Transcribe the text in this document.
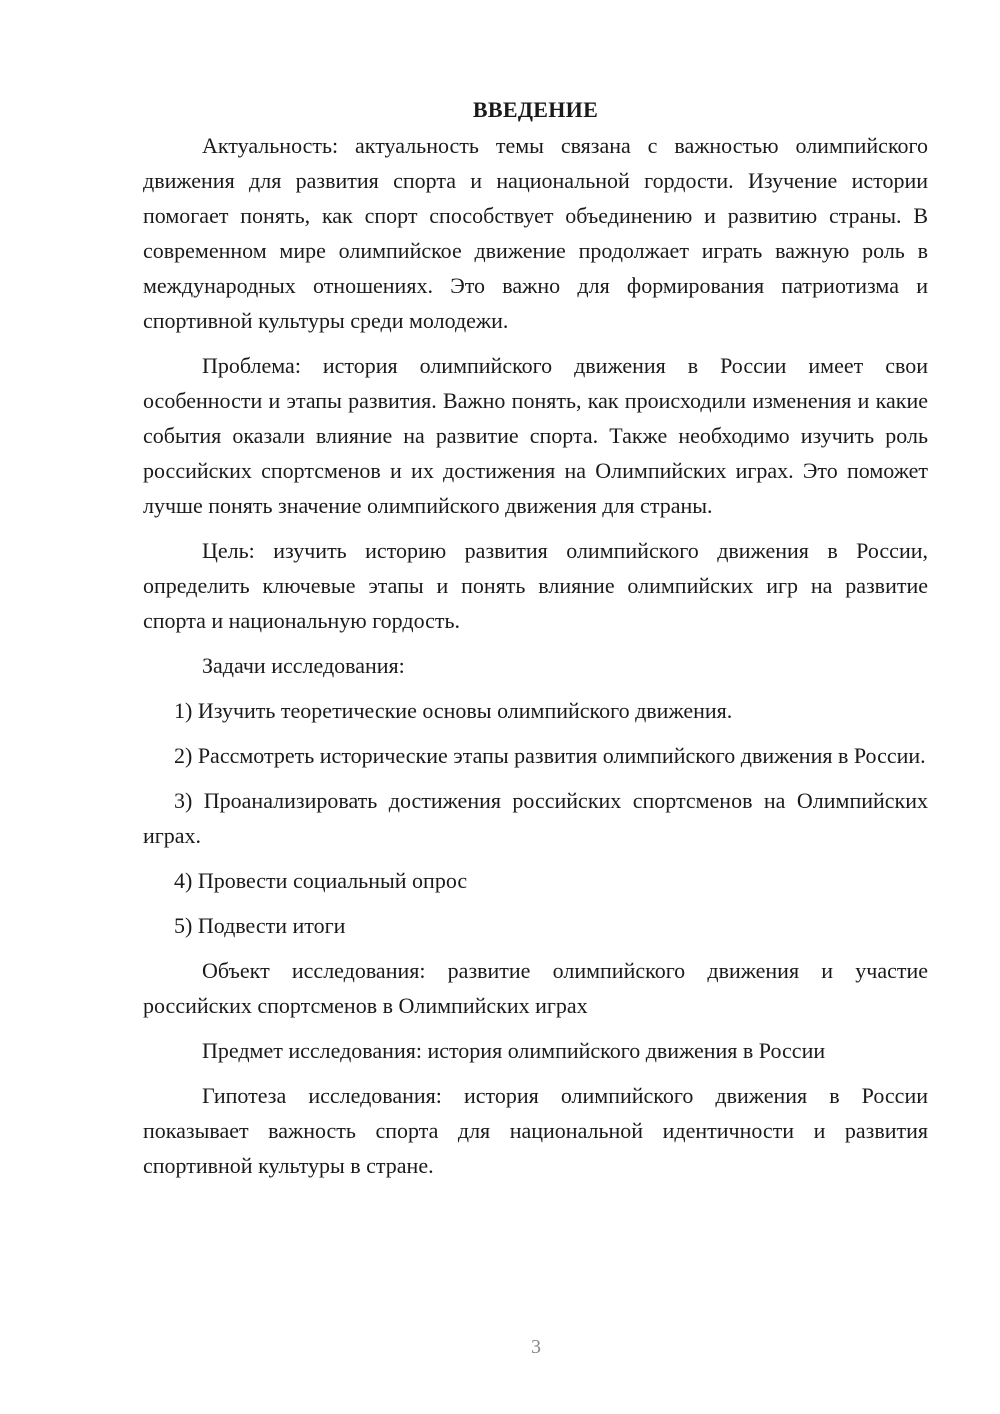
ВВЕДЕНИЕ

Актуальность: актуальность темы связана с важностью олимпийского движения для развития спорта и национальной гордости. Изучение истории помогает понять, как спорт способствует объединению и развитию страны. В современном мире олимпийское движение продолжает играть важную роль в международных отношениях. Это важно для формирования патриотизма и спортивной культуры среди молодежи.

Проблема: история олимпийского движения в России имеет свои особенности и этапы развития. Важно понять, как происходили изменения и какие события оказали влияние на развитие спорта. Также необходимо изучить роль российских спортсменов и их достижения на Олимпийских играх. Это поможет лучше понять значение олимпийского движения для страны.

Цель: изучить историю развития олимпийского движения в России, определить ключевые этапы и понять влияние олимпийских игр на развитие спорта и национальную гордость.

Задачи исследования:

1) Изучить теоретические основы олимпийского движения.

2) Рассмотреть исторические этапы развития олимпийского движения в России.

3) Проанализировать достижения российских спортсменов на Олимпийских играх.

4) Провести социальный опрос

5) Подвести итоги

Объект исследования: развитие олимпийского движения и участие российских спортсменов в Олимпийских играх

Предмет исследования: история олимпийского движения в России

Гипотеза исследования: история олимпийского движения в России показывает важность спорта для национальной идентичности и развития спортивной культуры в стране.

3
